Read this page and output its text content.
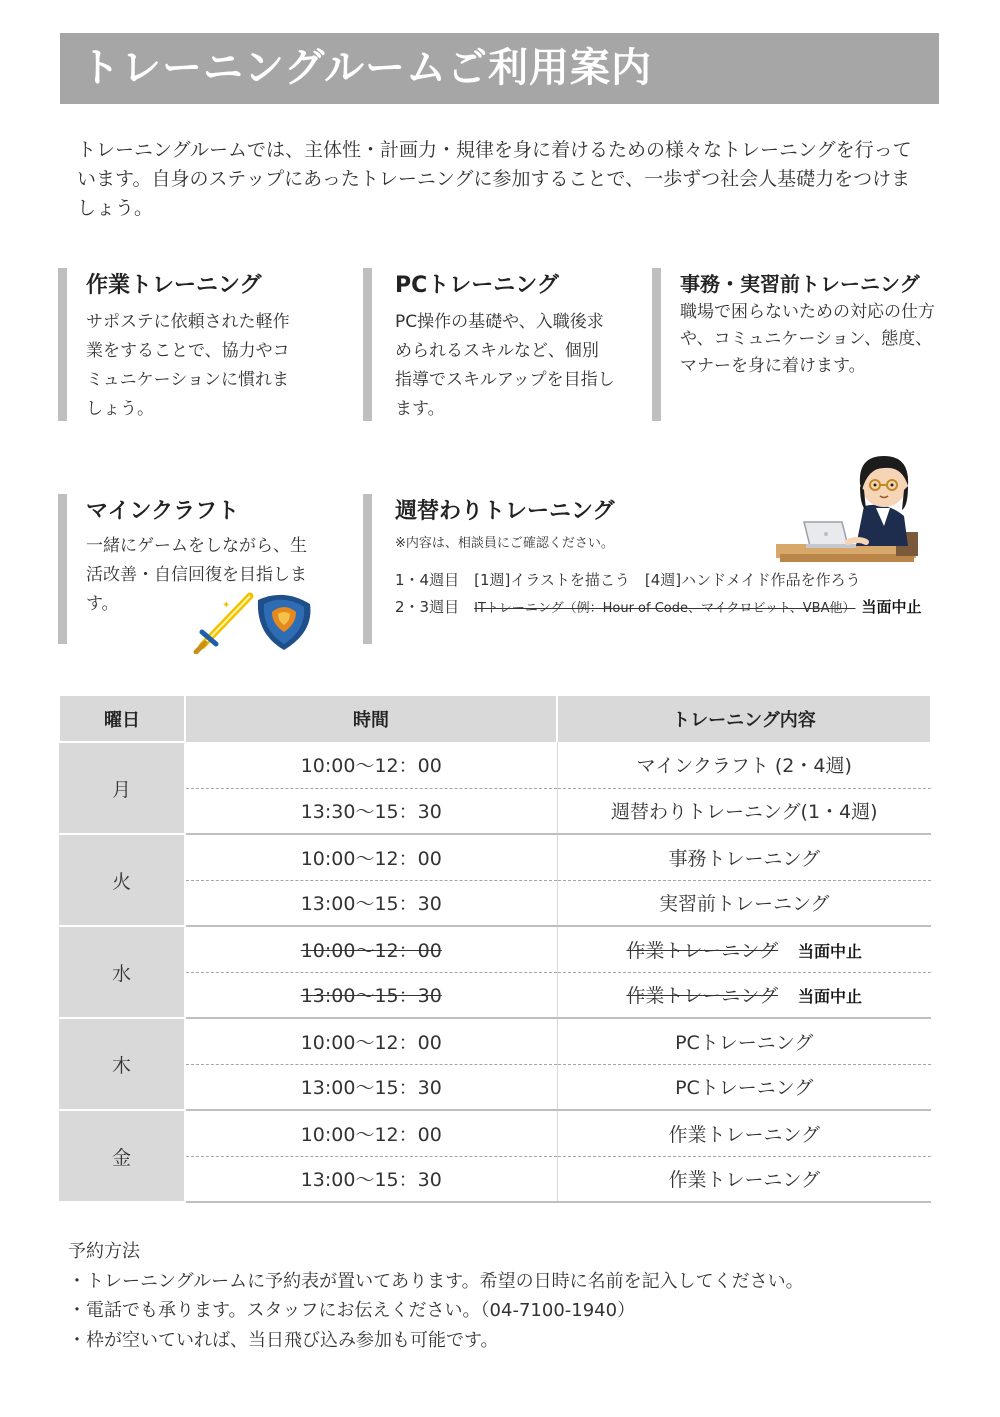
トレーニングルームご利用案内
トレーニングルームでは、主体性・計画力・規律を身に着けるための様々なトレーニングを行っています。自身のステップにあったトレーニングに参加することで、一歩ずつ社会人基礎力をつけましょう。
作業トレーニング

サポステに依頼された軽作業をすることで、協力やコミュニケーションに慣れましょう。

PCトレーニング

PC操作の基礎や、入職後求められるスキルなど、個別指導でスキルアップを目指します。

事務・実習前トレーニング

職場で困らないための対応の仕方や、コミュニケーション、態度、マナーを身に着けます。

マインクラフト

一緒にゲームをしながら、生活改善・自信回復を目指します。

週替わりトレーニング
※内容は、相談員にご確認ください。
1・4週目　[1週]イラストを描こう　[4週]ハンドメイド作品を作ろう
2・3週目　ITトレーニング（例：Hour of Code、マイクロビット、VBA他） 当面中止
✦
曜日	時間	トレーニング内容
月	10:00～12：00	マインクラフト (2・4週)
	13:30～15：30	週替わりトレーニング(1・4週)
火	10:00～12：00	事務トレーニング
	13:00～15：30	実習前トレーニング
水	10:00～12：00	作業トレーニング 当面中止
	13:00～15：30	作業トレーニング 当面中止
木	10:00～12：00	PCトレーニング
	13:00～15：30	PCトレーニング
金	10:00～12：00	作業トレーニング
	13:00～15：30	作業トレーニング
予約方法
・トレーニングルームに予約表が置いてあります。希望の日時に名前を記入してください。
・電話でも承ります。スタッフにお伝えください。（04-7100-1940）
・枠が空いていれば、当日飛び込み参加も可能です。
